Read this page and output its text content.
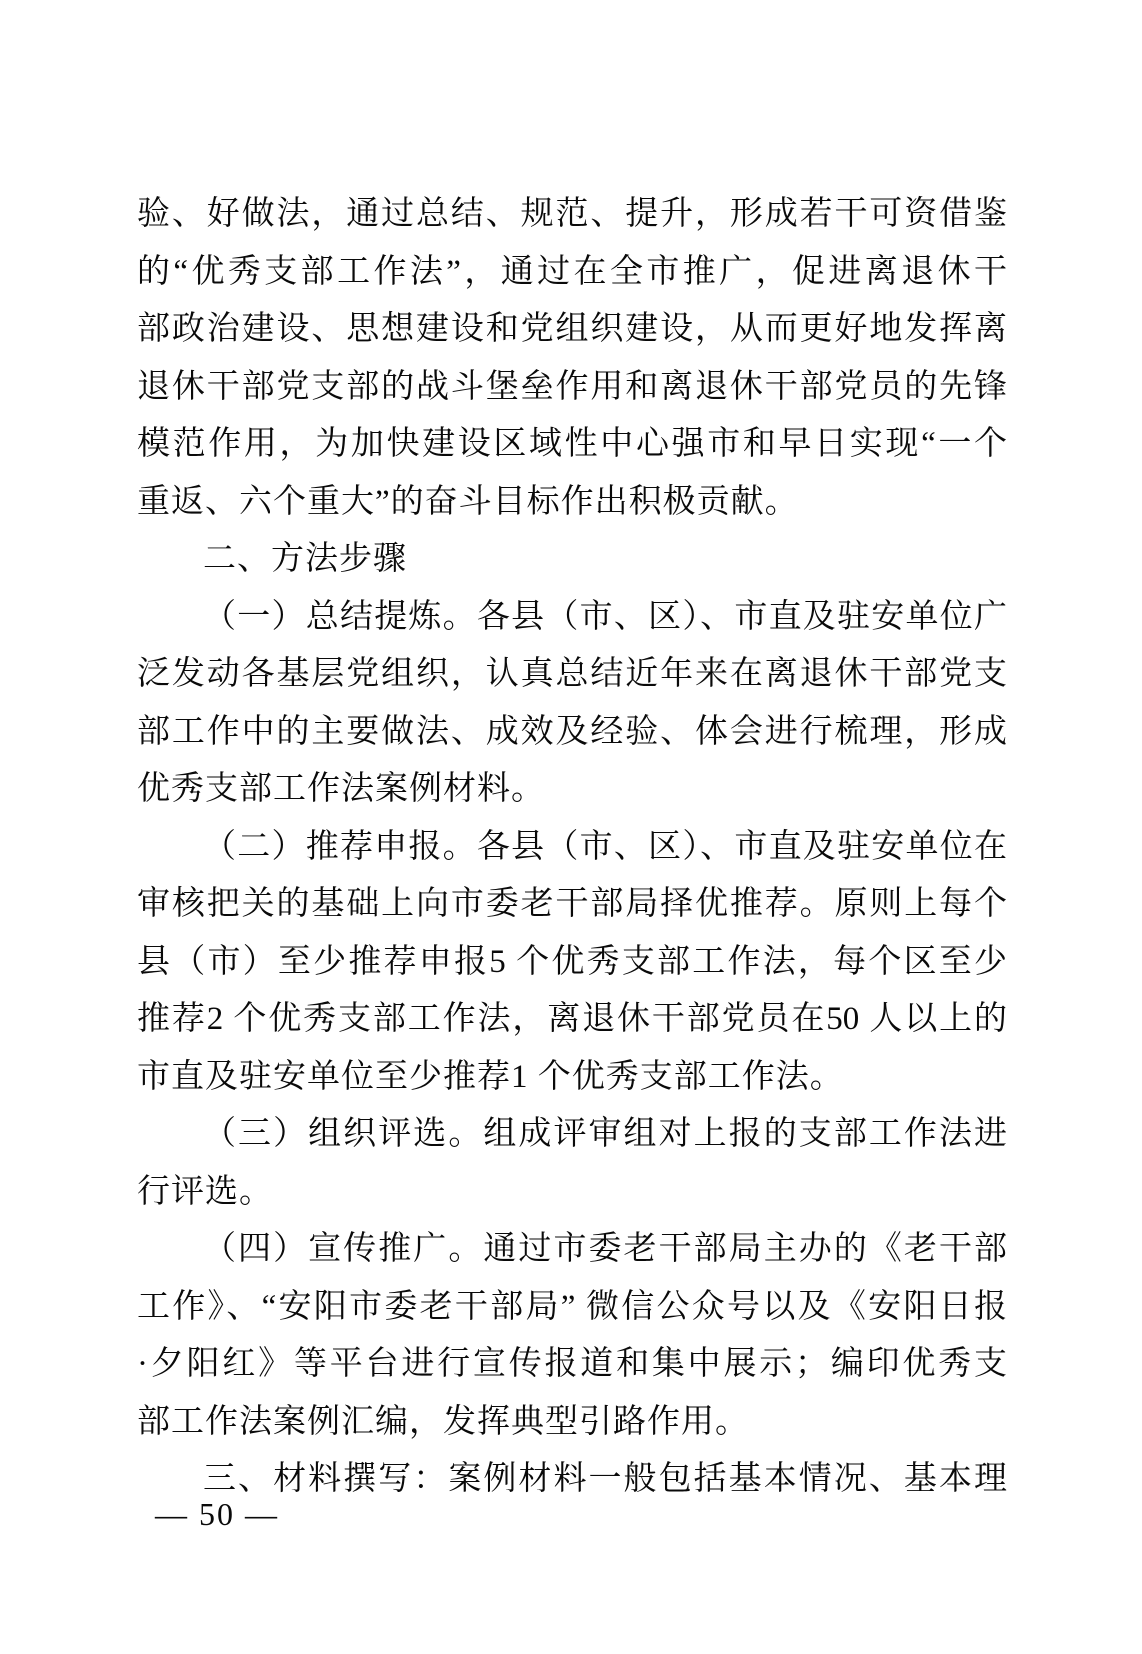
验、好做法，通过总结、规范、提升，形成若干可资借鉴
的“优秀支部工作法”，通过在全市推广，促进离退休干
部政治建设、思想建设和党组织建设，从而更好地发挥离
退休干部党支部的战斗堡垒作用和离退休干部党员的先锋
模范作用，为加快建设区域性中心强市和早日实现“一个
重返、六个重大”的奋斗目标作出积极贡献。
二、方法步骤
（一）总结提炼。各县（市、区）、市直及驻安单位广
泛发动各基层党组织，认真总结近年来在离退休干部党支
部工作中的主要做法、成效及经验、体会进行梳理，形成
优秀支部工作法案例材料。
（二）推荐申报。各县（市、区）、市直及驻安单位在
审核把关的基础上向市委老干部局择优推荐。原则上每个
县（市）至少推荐申报5 个优秀支部工作法，每个区至少
推荐2 个优秀支部工作法，离退休干部党员在50 人以上的
市直及驻安单位至少推荐1 个优秀支部工作法。
（三）组织评选。组成评审组对上报的支部工作法进
行评选。
（四）宣传推广。通过市委老干部局主办的《老干部
工作》、“安阳市委老干部局” 微信公众号以及《安阳日报
·夕阳红》等平台进行宣传报道和集中展示；编印优秀支
部工作法案例汇编，发挥典型引路作用。
三、材料撰写：案例材料一般包括基本情况、基本理
— 50 —
